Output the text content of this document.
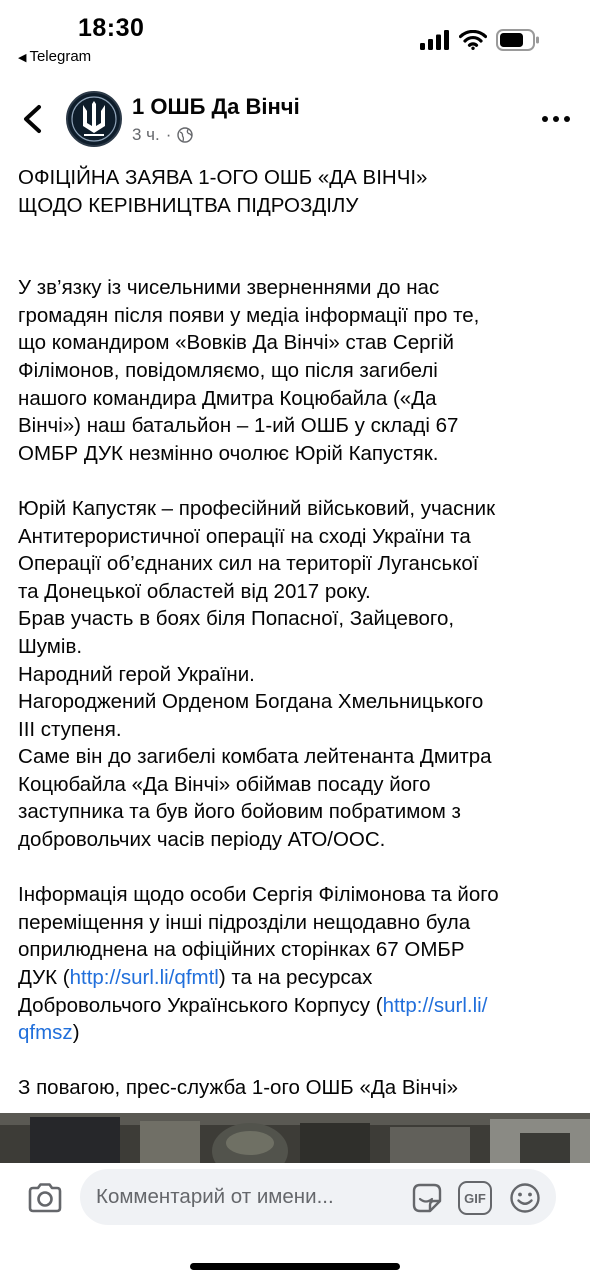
18:30
◀ Telegram
1 ОШБ Да Вінчі
3 ч. ·

ОФІЦІЙНА ЗАЯВА 1-ОГО ОШБ «ДА ВІНЧІ»
ЩОДО КЕРІВНИЦТВА ПІДРОЗДІЛУ

У зв’язку із чисельними зверненнями до нас
громадян після появи у медіа інформації про те,
що командиром «Вовків Да Вінчі» став Сергій
Філімонов, повідомляємо, що після загибелі
нашого командира Дмитра Коцюбайла («Да
Вінчі») наш батальйон – 1-ий ОШБ у складі 67
ОМБР ДУК незмінно очолює Юрій Капустяк.

Юрій Капустяк – професійний військовий, учасник
Антитерористичної операції на сході України та
Операції об’єднаних сил на території Луганської
та Донецької областей від 2017 року.
Брав участь в боях біля Попасної, Зайцевого,
Шумів.
Народний герой України.
Нагороджений Орденом Богдана Хмельницького
ІІІ ступеня.
Саме він до загибелі комбата лейтенанта Дмитра
Коцюбайла «Да Вінчі» обіймав посаду його
заступника та був його бойовим побратимом з
добровольчих часів періоду АТО/ООС.

Інформація щодо особи Сергія Філімонова та його
переміщення у інші підрозділи нещодавно була
оприлюднена на офіційних сторінках 67 ОМБР
ДУК (http://surl.li/qfmtl) та на ресурсах
Добровольчого Українського Корпусу (http://surl.li/
qfmsz)

З повагою, прес-служба 1-ого ОШБ «Да Вінчі»

Комментарий от имени...
GIF
